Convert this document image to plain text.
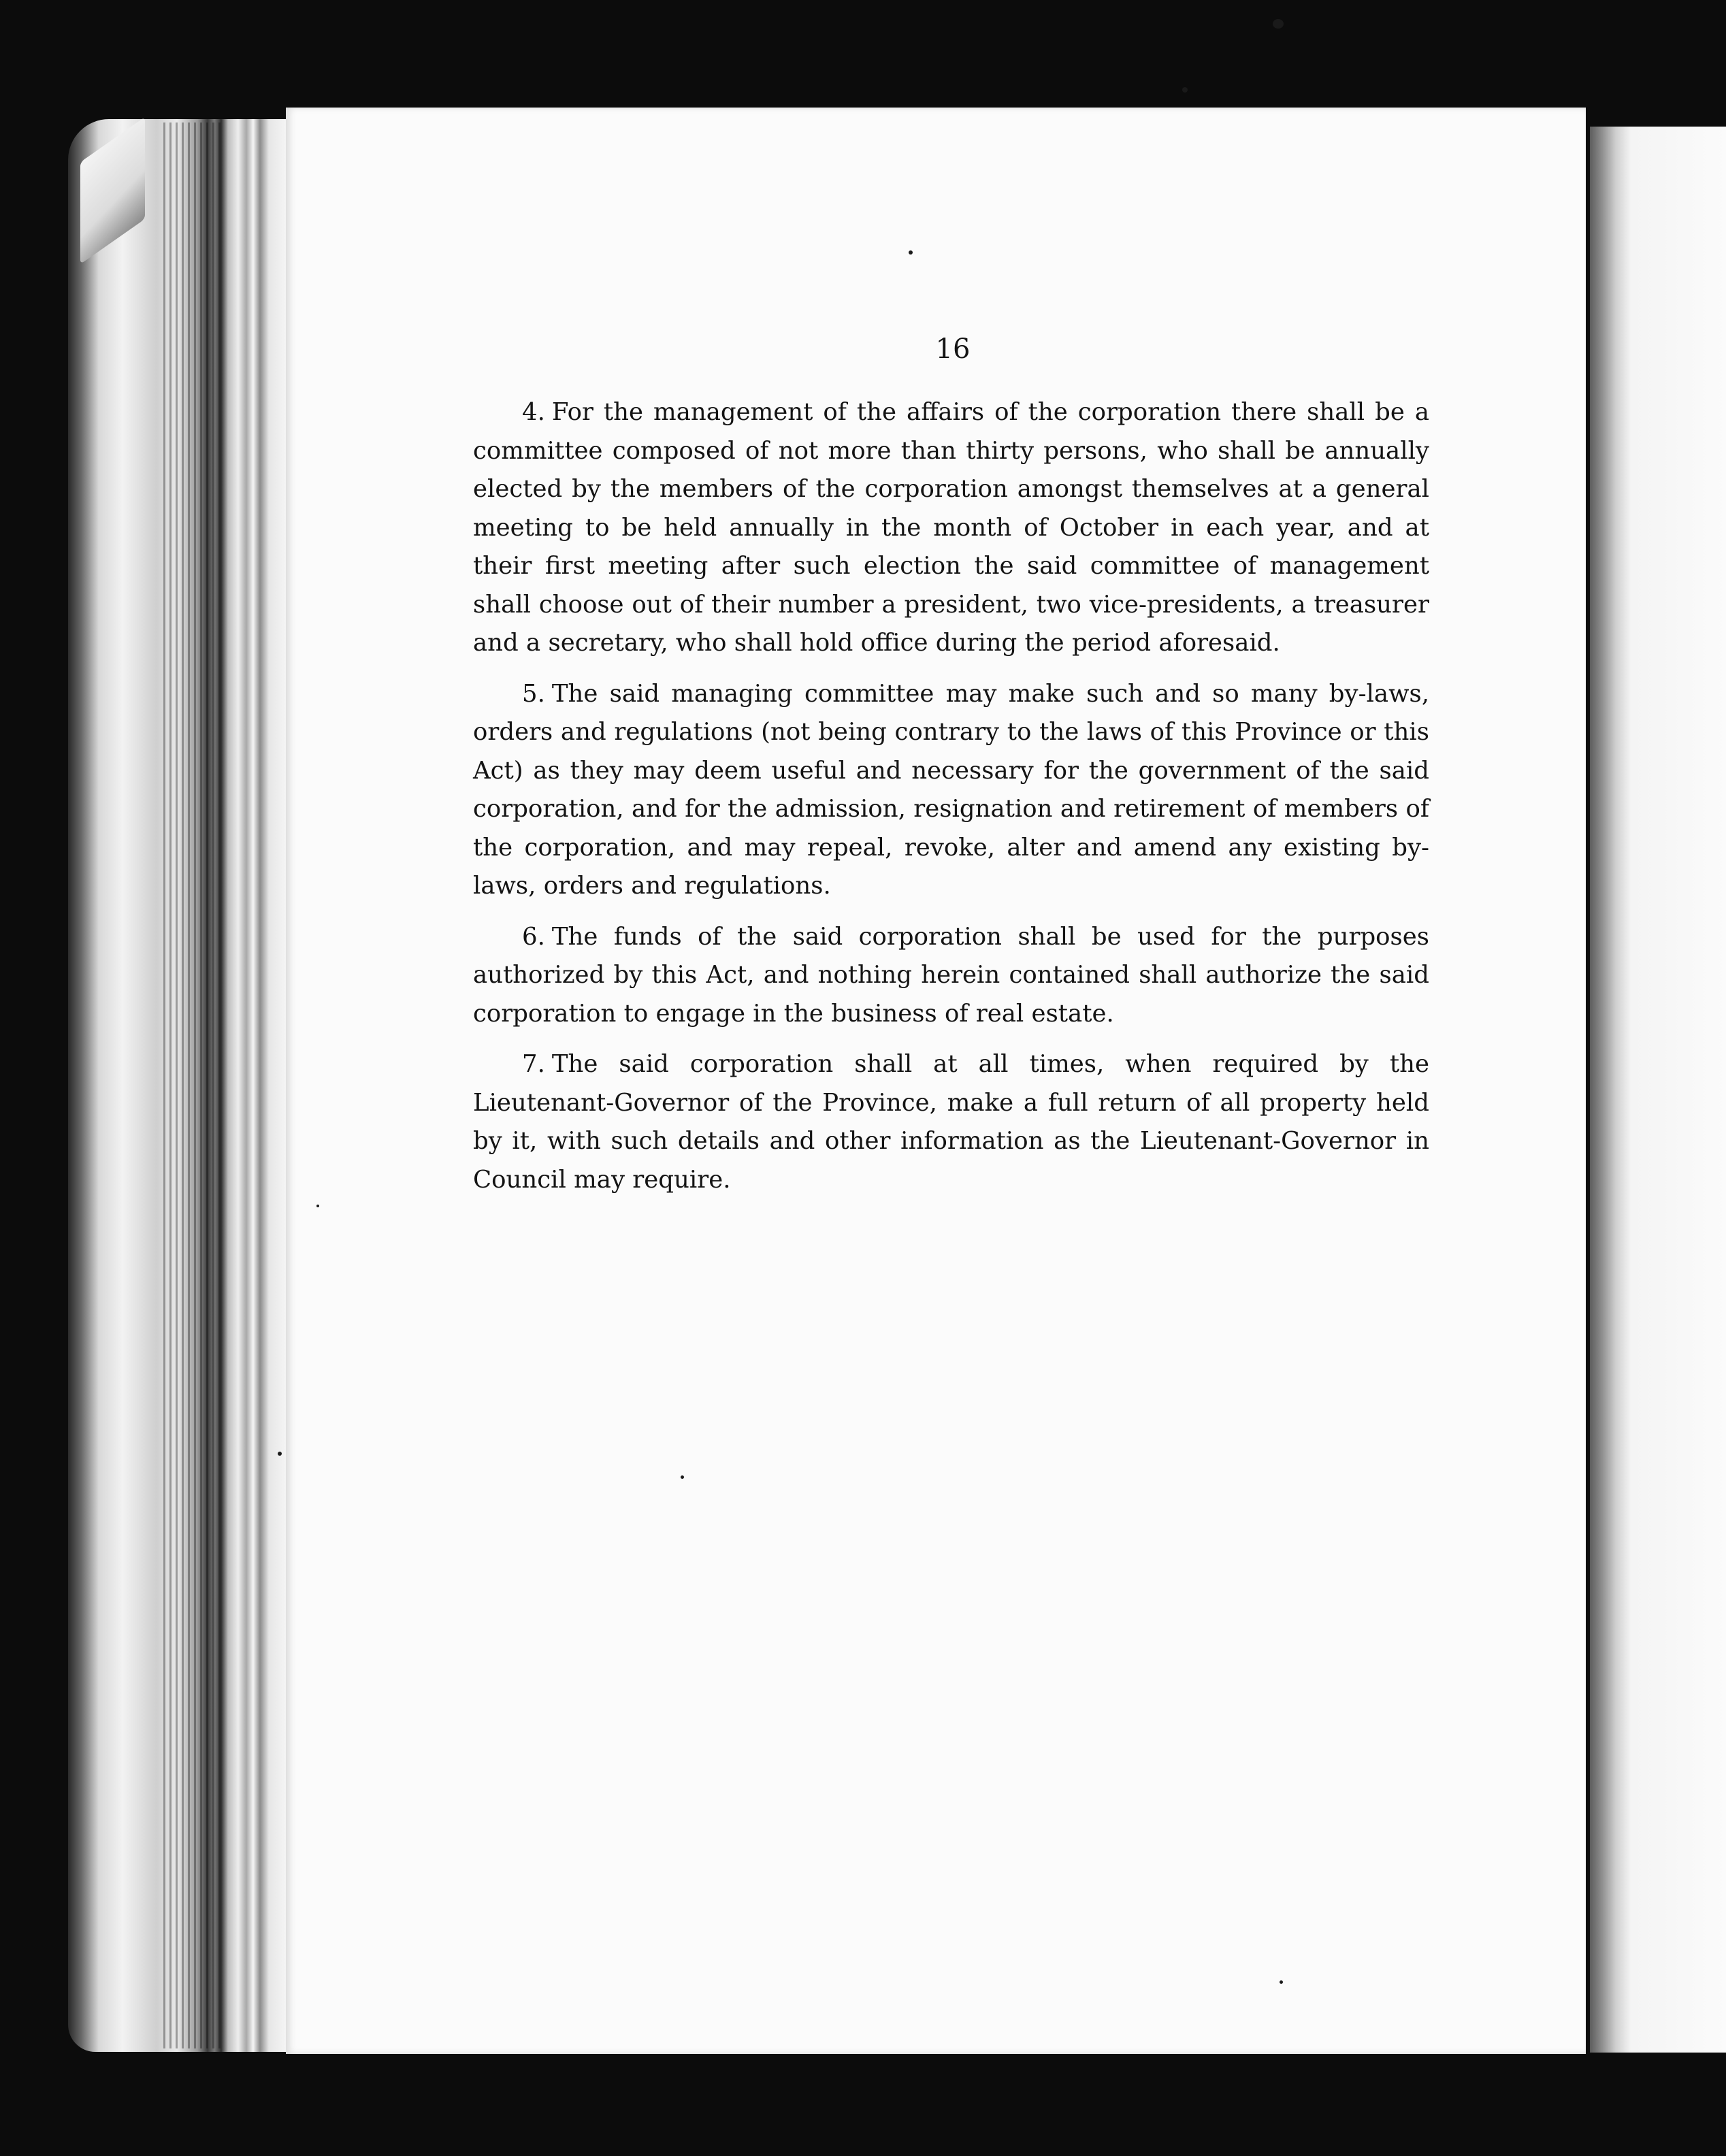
16

4. For the management of the affairs of the corporation there shall be a committee composed of not more than thirty persons, who shall be annually elected by the members of the corporation amongst themselves at a general meeting to be held annually in the month of October in each year, and at their first meeting after such election the said committee of management shall choose out of their number a president, two vice-presidents, a treasurer and a secretary, who shall hold office during the period aforesaid.

5. The said managing committee may make such and so many by-laws, orders and regulations (not being contrary to the laws of this Province or this Act) as they may deem useful and necessary for the government of the said corporation, and for the admission, resignation and retirement of members of the corporation, and may repeal, revoke, alter and amend any existing by-laws, orders and regulations.

6. The funds of the said corporation shall be used for the purposes authorized by this Act, and nothing herein contained shall authorize the said corporation to engage in the business of real estate.

7. The said corporation shall at all times, when required by the Lieutenant-Governor of the Province, make a full return of all property held by it, with such details and other information as the Lieutenant-Governor in Council may require.
